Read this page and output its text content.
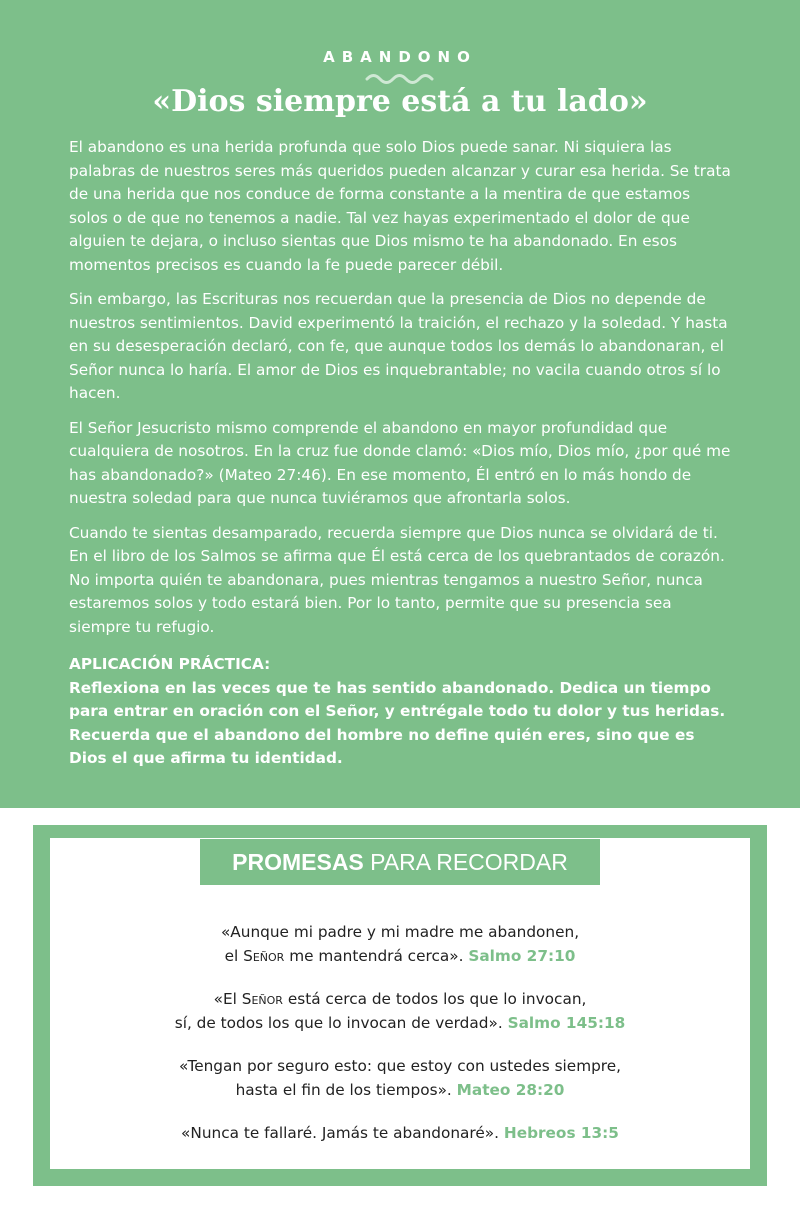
ABANDONO
«Dios siempre está a tu lado»

El abandono es una herida profunda que solo Dios puede sanar. Ni siquiera las palabras de nuestros seres más queridos pueden alcanzar y curar esa herida. Se trata de una herida que nos conduce de forma constante a la mentira de que estamos solos o de que no tenemos a nadie. Tal vez hayas experimentado el dolor de que alguien te dejara, o incluso sientas que Dios mismo te ha abandonado. En esos momentos precisos es cuando la fe puede parecer débil.

Sin embargo, las Escrituras nos recuerdan que la presencia de Dios no depende de nuestros sentimientos. David experimentó la traición, el rechazo y la soledad. Y hasta en su desesperación declaró, con fe, que aunque todos los demás lo abandonaran, el Señor nunca lo haría. El amor de Dios es inquebrantable; no vacila cuando otros sí lo hacen.

El Señor Jesucristo mismo comprende el abandono en mayor profundidad que cualquiera de nosotros. En la cruz fue donde clamó: «Dios mío, Dios mío, ¿por qué me has abandonado?» (Mateo 27:46). En ese momento, Él entró en lo más hondo de nuestra soledad para que nunca tuviéramos que afrontarla solos.

Cuando te sientas desamparado, recuerda siempre que Dios nunca se olvidará de ti. En el libro de los Salmos se afirma que Él está cerca de los quebrantados de corazón. No importa quién te abandonara, pues mientras tengamos a nuestro Señor, nunca estaremos solos y todo estará bien. Por lo tanto, permite que su presencia sea siempre tu refugio.

APLICACIÓN PRÁCTICA:

Reflexiona en las veces que te has sentido abandonado. Dedica un tiempo para entrar en oración con el Señor, y entrégale todo tu dolor y tus heridas. Recuerda que el abandono del hombre no define quién eres, sino que es Dios el que afirma tu identidad.

PROMESAS PARA RECORDAR
«Aunque mi padre y mi madre me abandonen,
el Señor me mantendrá cerca». Salmo 27:10
«El Señor está cerca de todos los que lo invocan,
sí, de todos los que lo invocan de verdad». Salmo 145:18
«Tengan por seguro esto: que estoy con ustedes siempre,
hasta el fin de los tiempos». Mateo 28:20
«Nunca te fallaré. Jamás te abandonaré». Hebreos 13:5
